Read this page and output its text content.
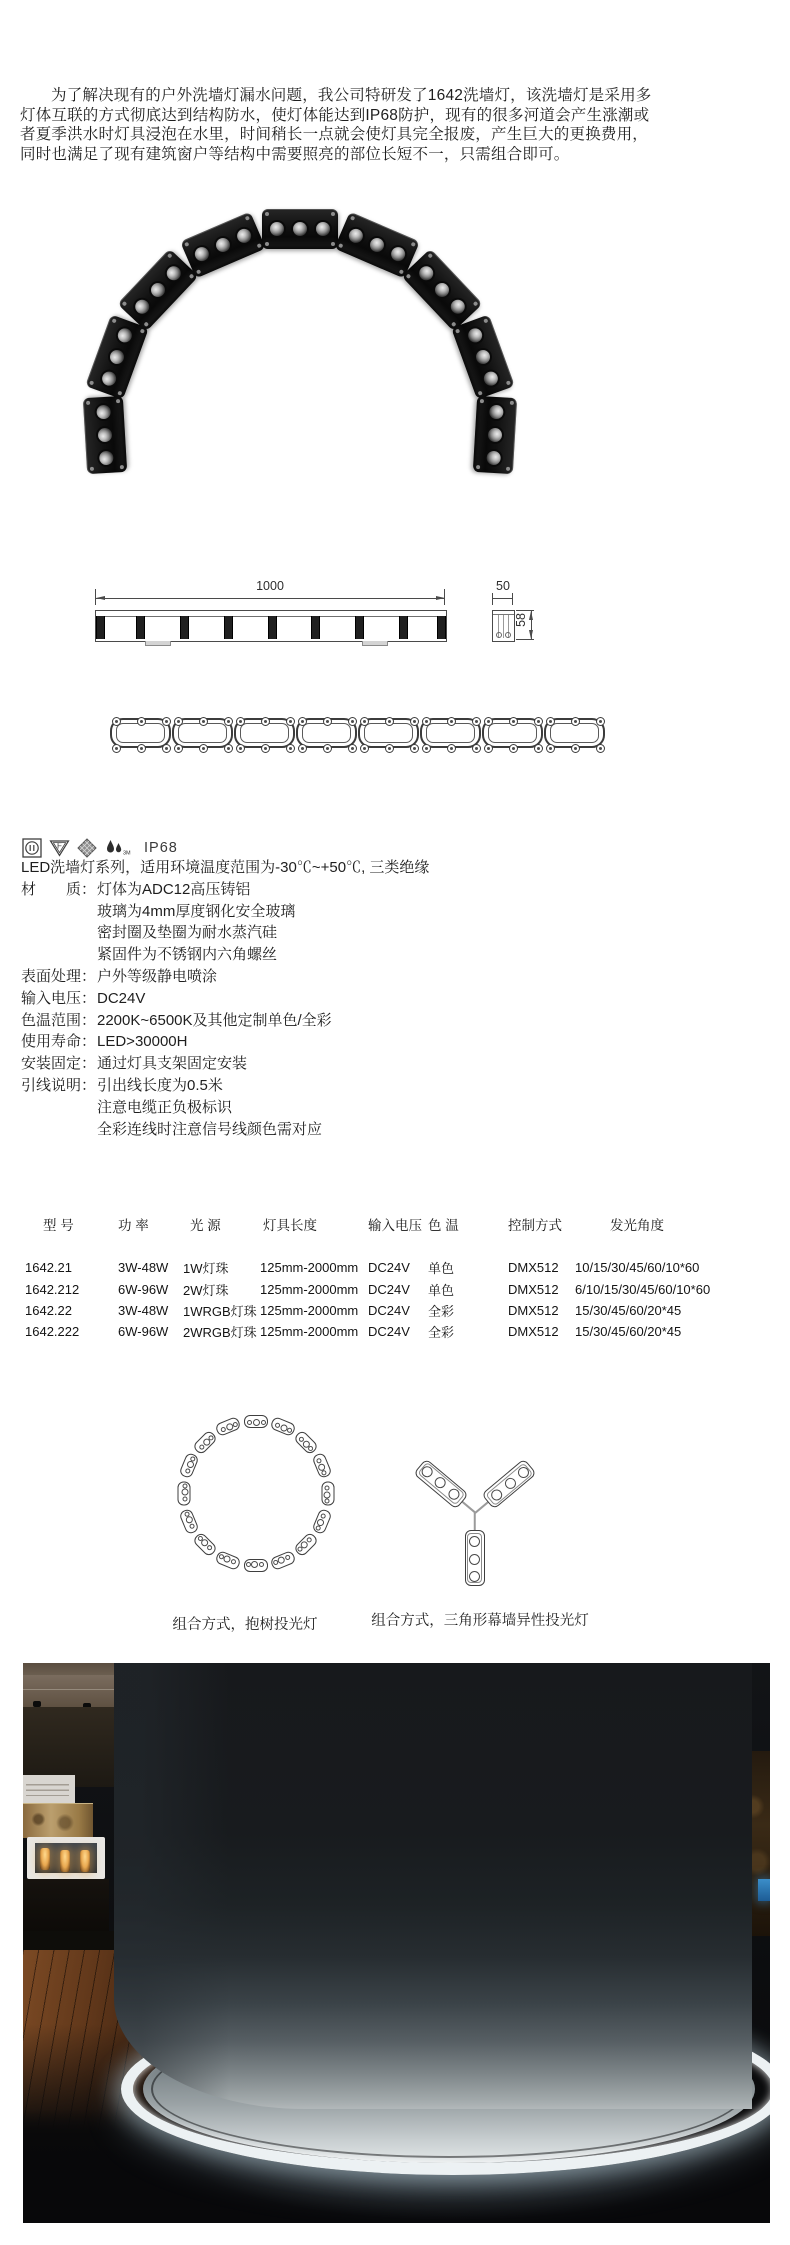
为了解决现有的户外洗墙灯漏水问题，我公司特研发了1642洗墙灯，该洗墙灯是采用多
灯体互联的方式彻底达到结构防水，使灯体能达到IP68防护，现有的很多河道会产生涨潮或
者夏季洪水时灯具浸泡在水里，时间稍长一点就会使灯具完全报废，产生巨大的更换费用，
同时也满足了现有建筑窗户等结构中需要照亮的部位长短不一，只需组合即可。
1000	50
58
F
3M IP68
LED洗墙灯系列，适用环境温度范围为-30℃~+50℃, 三类绝缘
材　　质：灯体为ADC12高压铸铝
玻璃为4mm厚度钢化安全玻璃
密封圈及垫圈为耐水蒸汽硅
紧固件为不锈钢内六角螺丝
表面处理：户外等级静电喷涂
输入电压：DC24V
色温范围：2200K~6500K及其他定制单色/全彩
使用寿命：LED>30000H
安装固定：通过灯具支架固定安装
引线说明：引出线长度为0.5米
注意电缆正负极标识
全彩连线时注意信号线颜色需对应
型 号	功 率	光 源	灯具长度	输入电压 色 温	控制方式	发光角度
1642.21	3W-48W	1W灯珠	125mm-2000mm DC24V	单色	DMX512	10/15/30/45/60/10*60
1642.212	6W-96W	2W灯珠	125mm-2000mm DC24V	单色	DMX512	6/10/15/30/45/60/10*60
1642.22	3W-48W	1WRGB灯珠 125mm-2000mm DC24V	全彩	DMX512	15/30/45/60/20*45
1642.222	6W-96W	2WRGB灯珠 125mm-2000mm DC24V	全彩	DMX512	15/30/45/60/20*45
组合方式，抱树投光灯	组合方式，三角形幕墙异性投光灯
